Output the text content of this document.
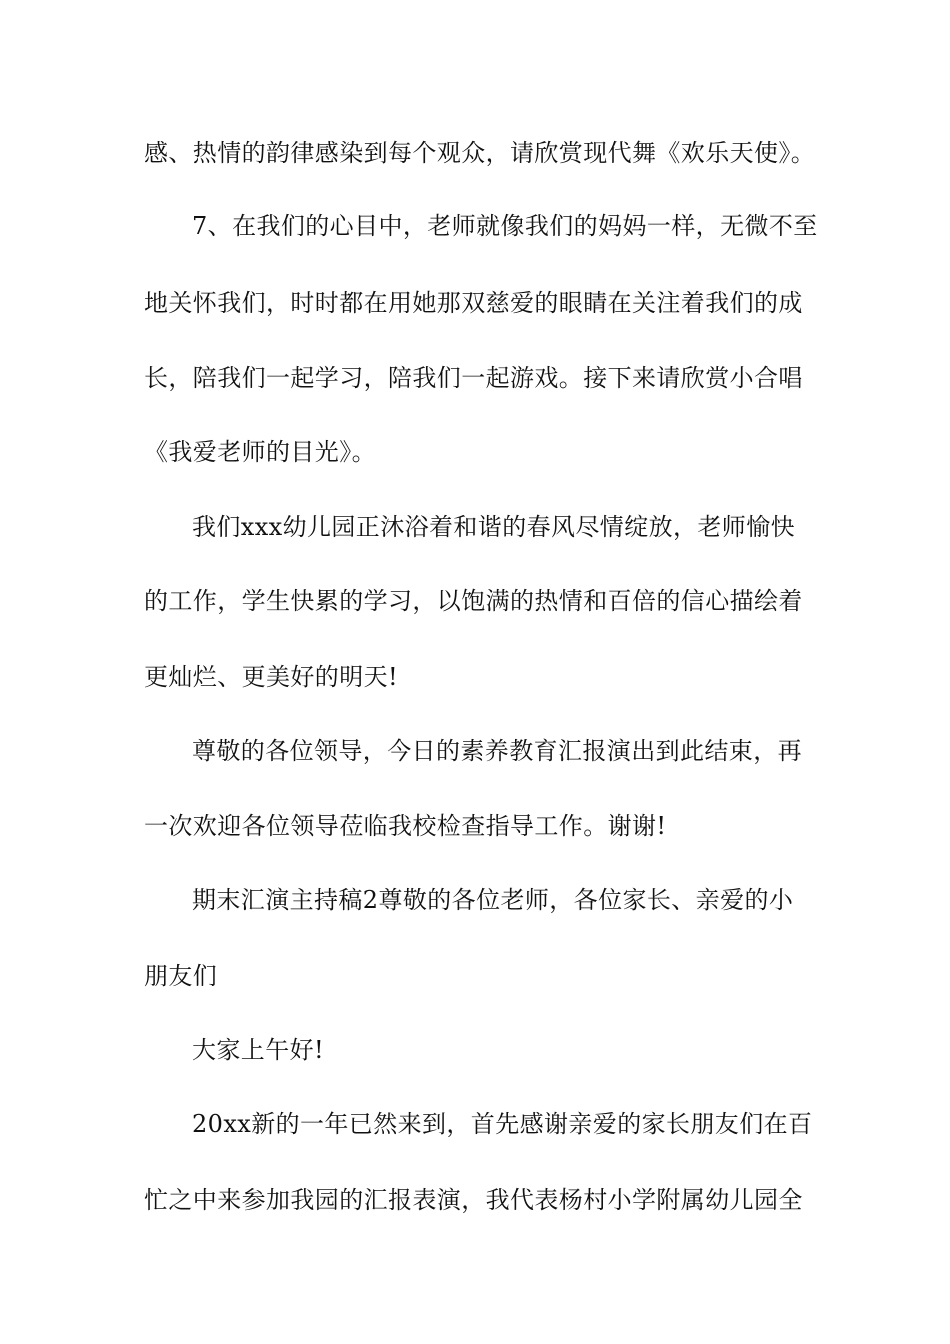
感、热情的韵律感染到每个观众，请欣赏现代舞《欢乐天使》。
7、在我们的心目中，老师就像我们的妈妈一样，无微不至
地关怀我们，时时都在用她那双慈爱的眼睛在关注着我们的成
长，陪我们一起学习，陪我们一起游戏。接下来请欣赏小合唱
《我爱老师的目光》。
我们xxx幼儿园正沐浴着和谐的春风尽情绽放，老师愉快
的工作，学生快累的学习，以饱满的热情和百倍的信心描绘着
更灿烂、更美好的明天!
尊敬的各位领导，今日的素养教育汇报演出到此结束，再
一次欢迎各位领导莅临我校检查指导工作。谢谢!
期末汇演主持稿2尊敬的各位老师，各位家长、亲爱的小
朋友们
大家上午好!
20xx新的一年已然来到，首先感谢亲爱的家长朋友们在百
忙之中来参加我园的汇报表演，我代表杨村小学附属幼儿园全
